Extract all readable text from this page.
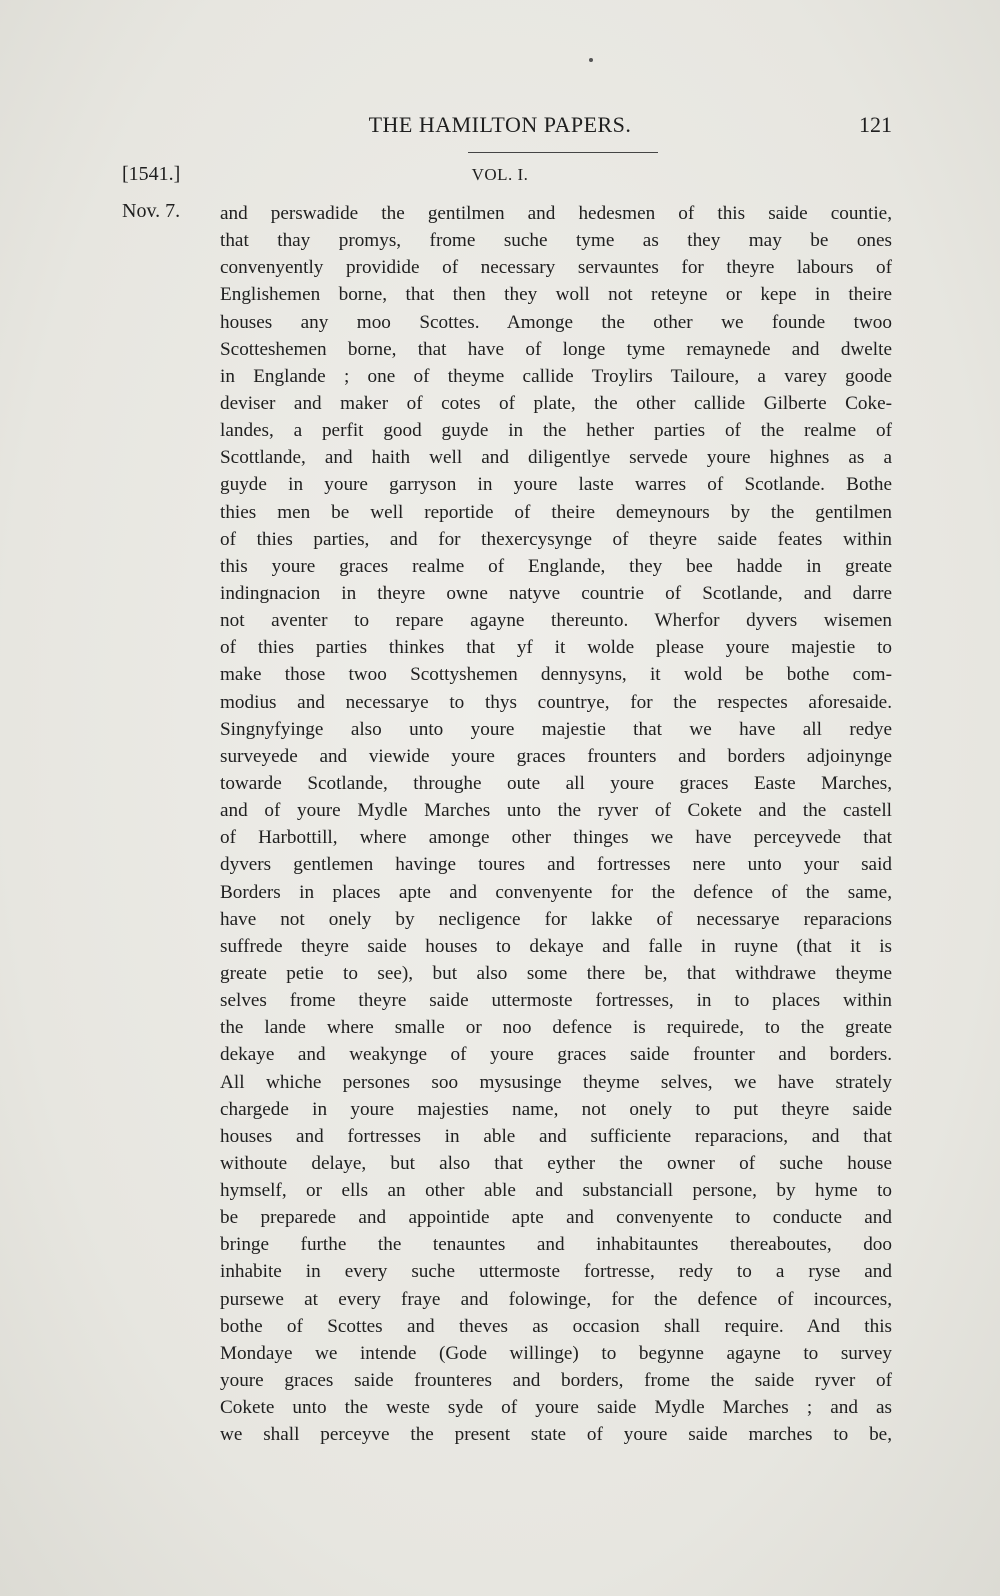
THE HAMILTON PAPERS.	121
[1541.]	VOL. I.
Nov. 7. and perswadide the gentilmen and hedesmen of this saide countie,
that thay promys, frome suche tyme as they may be ones
convenyently providide of necessary servauntes for theyre labours of
Englishemen borne, that then they woll not reteyne or kepe in theire
houses any moo Scottes. Amonge the other we founde twoo
Scotteshemen borne, that have of longe tyme remaynede and dwelte
in Englande ; one of theyme callide Troylirs Tailoure, a varey goode
deviser and maker of cotes of plate, the other callide Gilberte Coke-
landes, a perfit good guyde in the hether parties of the realme of
Scottlande, and haith well and diligentlye servede youre highnes as a
guyde in youre garryson in youre laste warres of Scotlande. Bothe
thies men be well reportide of theire demeynours by the gentilmen
of thies parties, and for thexercysynge of theyre saide feates within
this youre graces realme of Englande, they bee hadde in greate
indingnacion in theyre owne natyve countrie of Scotlande, and darre
not aventer to repare agayne thereunto. Wherfor dyvers wisemen
of thies parties thinkes that yf it wolde please youre majestie to
make those twoo Scottyshemen dennysyns, it wold be bothe com-
modius and necessarye to thys countrye, for the respectes aforesaide.
Singnyfyinge also unto youre majestie that we have all redye
surveyede and viewide youre graces frounters and borders adjoinynge
towarde Scotlande, throughe oute all youre graces Easte Marches,
and of youre Mydle Marches unto the ryver of Cokete and the castell
of Harbottill, where amonge other thinges we have perceyvede that
dyvers gentlemen havinge toures and fortresses nere unto your said
Borders in places apte and convenyente for the defence of the same,
have not onely by necligence for lakke of necessarye reparacions
suffrede theyre saide houses to dekaye and falle in ruyne (that it is
greate petie to see), but also some there be, that withdrawe theyme
selves frome theyre saide uttermoste fortresses, in to places within
the lande where smalle or noo defence is requirede, to the greate
dekaye and weakynge of youre graces saide frounter and borders.
All whiche persones soo mysusinge theyme selves, we have strately
chargede in youre majesties name, not onely to put theyre saide
houses and fortresses in able and sufficiente reparacions, and that
withoute delaye, but also that eyther the owner of suche house
hymself, or ells an other able and substanciall persone, by hyme to
be preparede and appointide apte and convenyente to conducte and
bringe furthe the tenauntes and inhabitauntes thereaboutes, doo
inhabite in every suche uttermoste fortresse, redy to a ryse and
pursewe at every fraye and folowinge, for the defence of incources,
bothe of Scottes and theves as occasion shall require. And this
Mondaye we intende (Gode willinge) to begynne agayne to survey
youre graces saide frounteres and borders, frome the saide ryver of
Cokete unto the weste syde of youre saide Mydle Marches ; and as
we shall perceyve the present state of youre saide marches to be,
